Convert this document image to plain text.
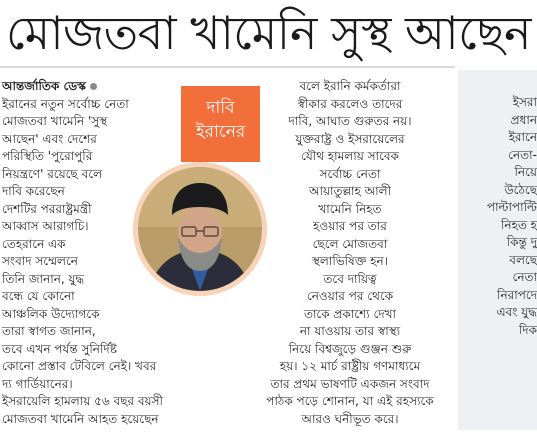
মোজতবা খামেনি সুস্থ আছেন

আন্তর্জাতিক ডেস্ক

ইরানের নতুন সর্বোচ্চ নেতা

মোজতবা খামেনি 'সুস্থ

আছেন' এবং দেশের

পরিস্থিতি 'পুরোপুরি

নিয়ন্ত্রণে' রয়েছে বলে

দাবি করেছেন

দেশটির পররাষ্ট্রমন্ত্রী

আব্বাস আরাগচি।

তেহরানে এক

সংবাদ সম্মেলনে

তিনি জানান, যুদ্ধ

বন্ধে যে কোনো

আঞ্চলিক উদ্যোগকে

তারা স্বাগত জানান,

তবে এখন পর্যন্ত সুনির্দিষ্ট

কোনো প্রস্তাব টেবিলে নেই। খবর

দ্য গার্ডিয়ানের।

ইসরায়েলি হামলায় ৫৬ বছর বয়সী

মোজতবা খামেনি আহত হয়েছেন

দাবি

ইরানের

বলে ইরানি কর্মকর্তারা

স্বীকার করলেও তাদের

দাবি, আঘাত গুরুতর নয়।

যুক্তরাষ্ট্র ও ইসরায়েলের

যৌথ হামলায় সাবেক

সর্বোচ্চ নেতা

আয়াতুল্লাহ আলী

খামেনি নিহত

হওয়ার পর তার

ছেলে মোজতবা

স্থলাভিষিক্ত হন।

তবে দায়িত্ব

নেওয়ার পর থেকে

তাকে প্রকাশ্যে দেখা

না যাওয়ায় তার স্বাস্থ্য

নিয়ে বিশ্বজুড়ে গুঞ্জন শুরু

হয়। ১২ মার্চ রাষ্ট্রীয় গণমাধ্যমে

তার প্রথম ভাষণটি একজন সংবাদ

পাঠক পড়ে শোনান, যা এই রহস্যকে

আরও ঘনীভূত করে।

ইসরা

প্রধান

ইরানে

নেতা-

নিয়ে

উঠেছে

পাল্টাপাল্টি

নিহত হ

কিন্তু দু

বলছে

নেতা

নিরাপদে

এবং যুদ্ধ

দিক
